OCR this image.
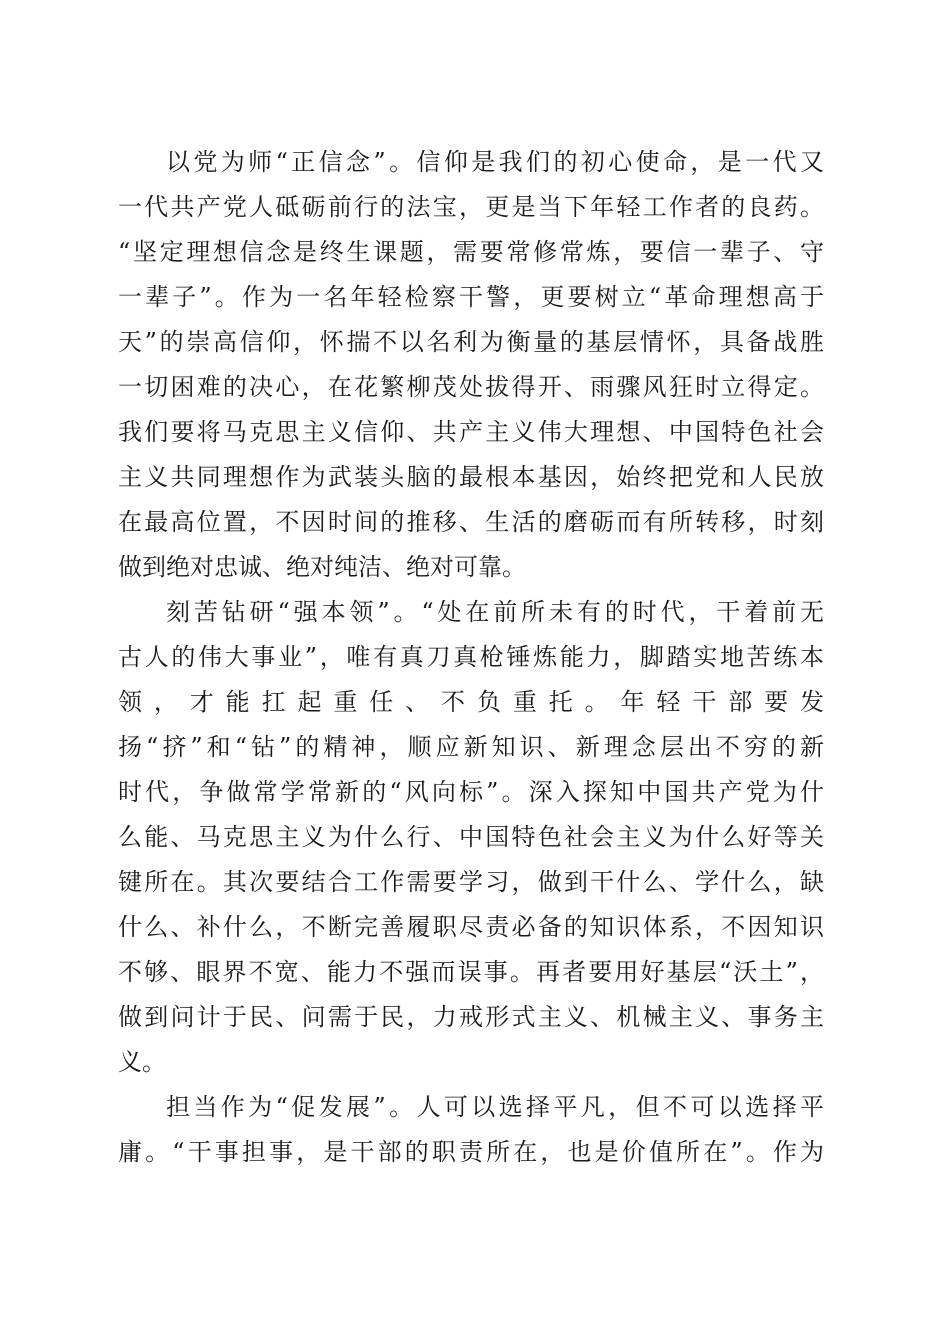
以党为师“正信念”。信仰是我们的初心使命，是一代又
一代共产党人砥砺前行的法宝，更是当下年轻工作者的良药。
“坚定理想信念是终生课题，需要常修常炼，要信一辈子、守
一辈子”。作为一名年轻检察干警，更要树立“革命理想高于
天”的崇高信仰，怀揣不以名利为衡量的基层情怀，具备战胜
一切困难的决心，在花繁柳茂处拔得开、雨骤风狂时立得定。
我们要将马克思主义信仰、共产主义伟大理想、中国特色社会
主义共同理想作为武装头脑的最根本基因，始终把党和人民放
在最高位置，不因时间的推移、生活的磨砺而有所转移，时刻
做到绝对忠诚、绝对纯洁、绝对可靠。
刻苦钻研“强本领”。“处在前所未有的时代，干着前无
古人的伟大事业”，唯有真刀真枪锤炼能力，脚踏实地苦练本
领，才能扛起重任、不负重托。年轻干部要发
扬“挤”和“钻”的精神，顺应新知识、新理念层出不穷的新
时代，争做常学常新的“风向标”。深入探知中国共产党为什
么能、马克思主义为什么行、中国特色社会主义为什么好等关
键所在。其次要结合工作需要学习，做到干什么、学什么，缺
什么、补什么，不断完善履职尽责必备的知识体系，不因知识
不够、眼界不宽、能力不强而误事。再者要用好基层“沃土”，
做到问计于民、问需于民，力戒形式主义、机械主义、事务主
义。
担当作为“促发展”。人可以选择平凡，但不可以选择平
庸。“干事担事，是干部的职责所在，也是价值所在”。作为
